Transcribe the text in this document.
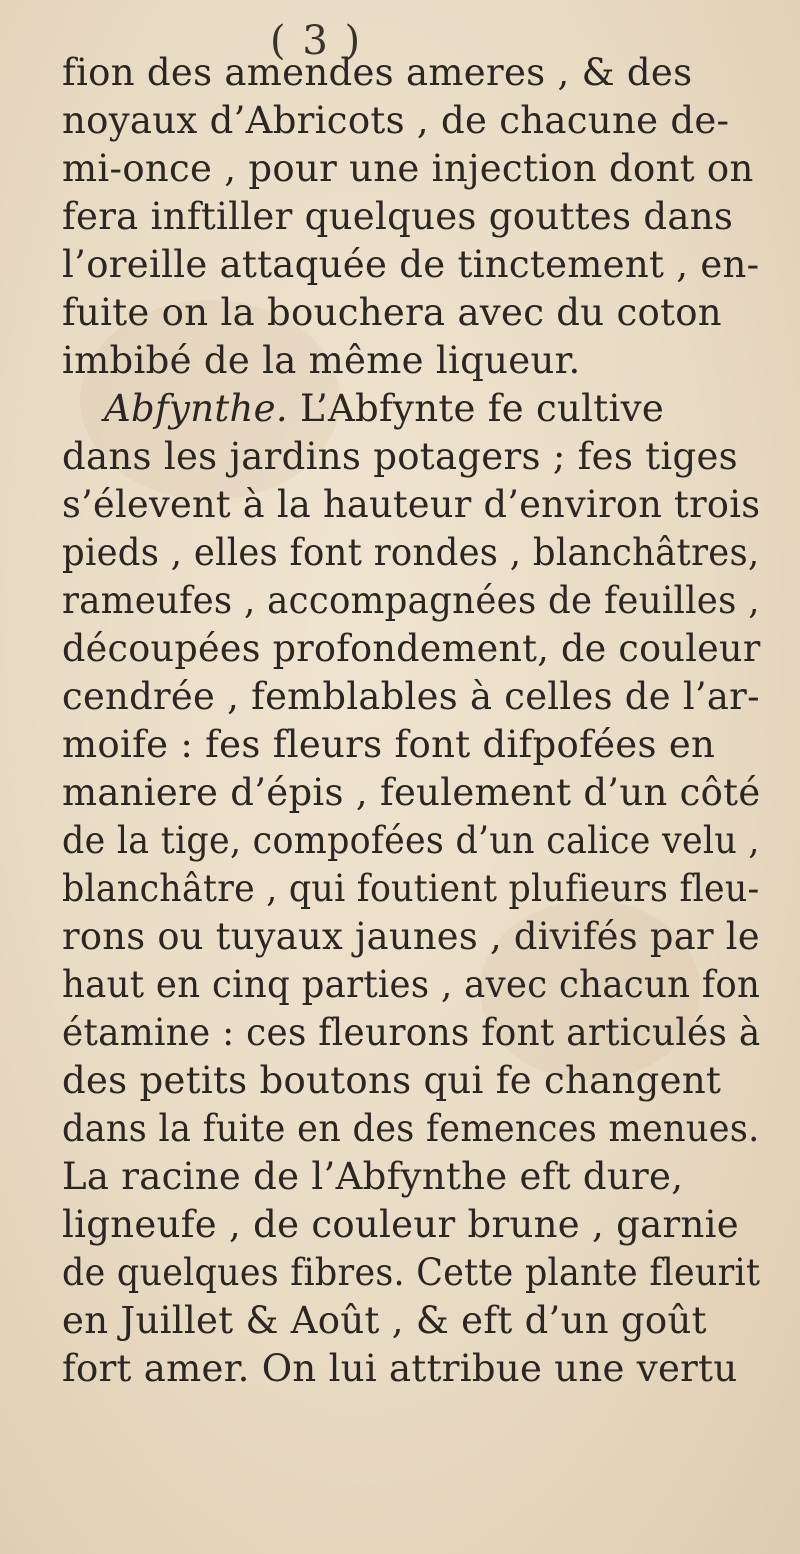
( 3 )
fion des amendes ameres , & des
noyaux d’Abricots , de chacune de-
mi-once , pour une injection dont on
fera inftiller quelques gouttes dans
l’oreille attaquée de tinctement , en-
fuite on la bouchera avec du coton
imbibé de la même liqueur.
Abfynthe. L’Abfynte fe cultive
dans les jardins potagers ; fes tiges
s’élevent à la hauteur d’environ trois
pieds , elles font rondes , blanchâtres,
rameufes , accompagnées de feuilles ,
découpées profondement, de couleur
cendrée , femblables à celles de l’ar-
moife : fes fleurs font difpofées en
maniere d’épis , feulement d’un côté
de la tige, compofées d’un calice velu ,
blanchâtre , qui foutient plufieurs fleu-
rons ou tuyaux jaunes , divifés par le
haut en cinq parties , avec chacun fon
étamine : ces fleurons font articulés à
des petits boutons qui fe changent
dans la fuite en des femences menues.
La racine de l’Abfynthe eft dure,
ligneufe , de couleur brune , garnie
de quelques fibres. Cette plante fleurit
en Juillet & Août , & eft d’un goût
fort amer. On lui attribue une vertu
